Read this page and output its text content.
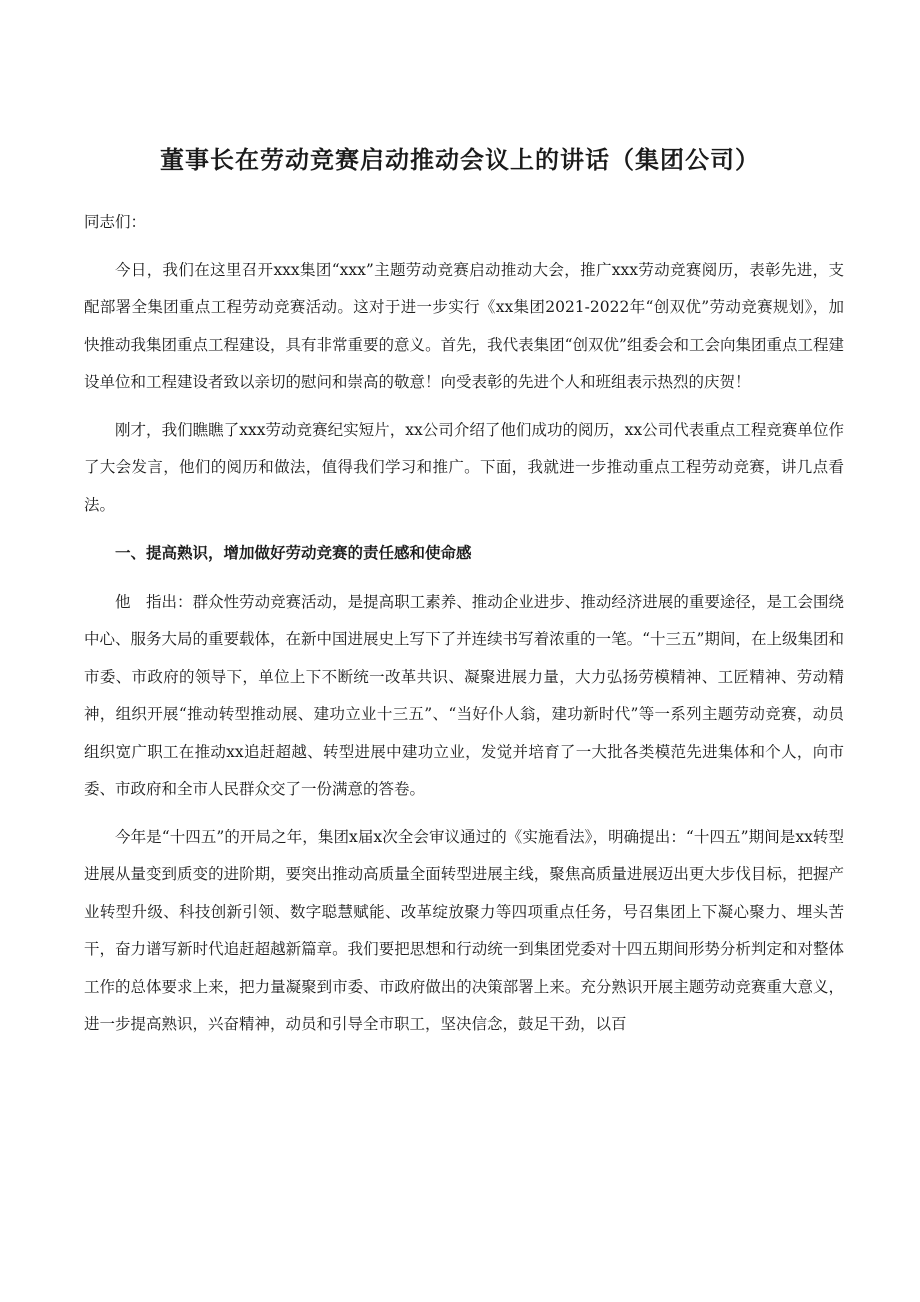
董事长在劳动竞赛启动推动会议上的讲话（集团公司）

同志们：

今日，我们在这里召开xxx集团“xxx”主题劳动竞赛启动推动大会，推广xxx劳动竞赛阅历，表彰先进，支配部署全集团重点工程劳动竞赛活动。这对于进一步实行《xx集团2021-2022年“创双优”劳动竞赛规划》，加快推动我集团重点工程建设，具有非常重要的意义。首先，我代表集团“创双优”组委会和工会向集团重点工程建设单位和工程建设者致以亲切的慰问和崇高的敬意！向受表彰的先进个人和班组表示热烈的庆贺！

刚才，我们瞧瞧了xxx劳动竞赛纪实短片，xx公司介绍了他们成功的阅历，xx公司代表重点工程竞赛单位作了大会发言，他们的阅历和做法，值得我们学习和推广。下面，我就进一步推动重点工程劳动竞赛，讲几点看法。

一、提高熟识，增加做好劳动竞赛的责任感和使命感

他　指出：群众性劳动竞赛活动，是提高职工素养、推动企业进步、推动经济进展的重要途径，是工会围绕中心、服务大局的重要载体，在新中国进展史上写下了并连续书写着浓重的一笔。“十三五”期间，在上级集团和市委、市政府的领导下，单位上下不断统一改革共识、凝聚进展力量，大力弘扬劳模精神、工匠精神、劳动精神，组织开展“推动转型推动展、建功立业十三五”、“当好仆人翁，建功新时代”等一系列主题劳动竞赛，动员组织宽广职工在推动xx追赶超越、转型进展中建功立业，发觉并培育了一大批各类模范先进集体和个人，向市委、市政府和全市人民群众交了一份满意的答卷。

今年是“十四五”的开局之年，集团x届x次全会审议通过的《实施看法》，明确提出：“十四五”期间是xx转型进展从量变到质变的进阶期，要突出推动高质量全面转型进展主线，聚焦高质量进展迈出更大步伐目标，把握产业转型升级、科技创新引领、数字聪慧赋能、改革绽放聚力等四项重点任务，号召集团上下凝心聚力、埋头苦干，奋力谱写新时代追赶超越新篇章。我们要把思想和行动统一到集团党委对十四五期间形势分析判定和对整体工作的总体要求上来，把力量凝聚到市委、市政府做出的决策部署上来。充分熟识开展主题劳动竞赛重大意义，进一步提高熟识，兴奋精神，动员和引导全市职工，坚决信念，鼓足干劲，以百
